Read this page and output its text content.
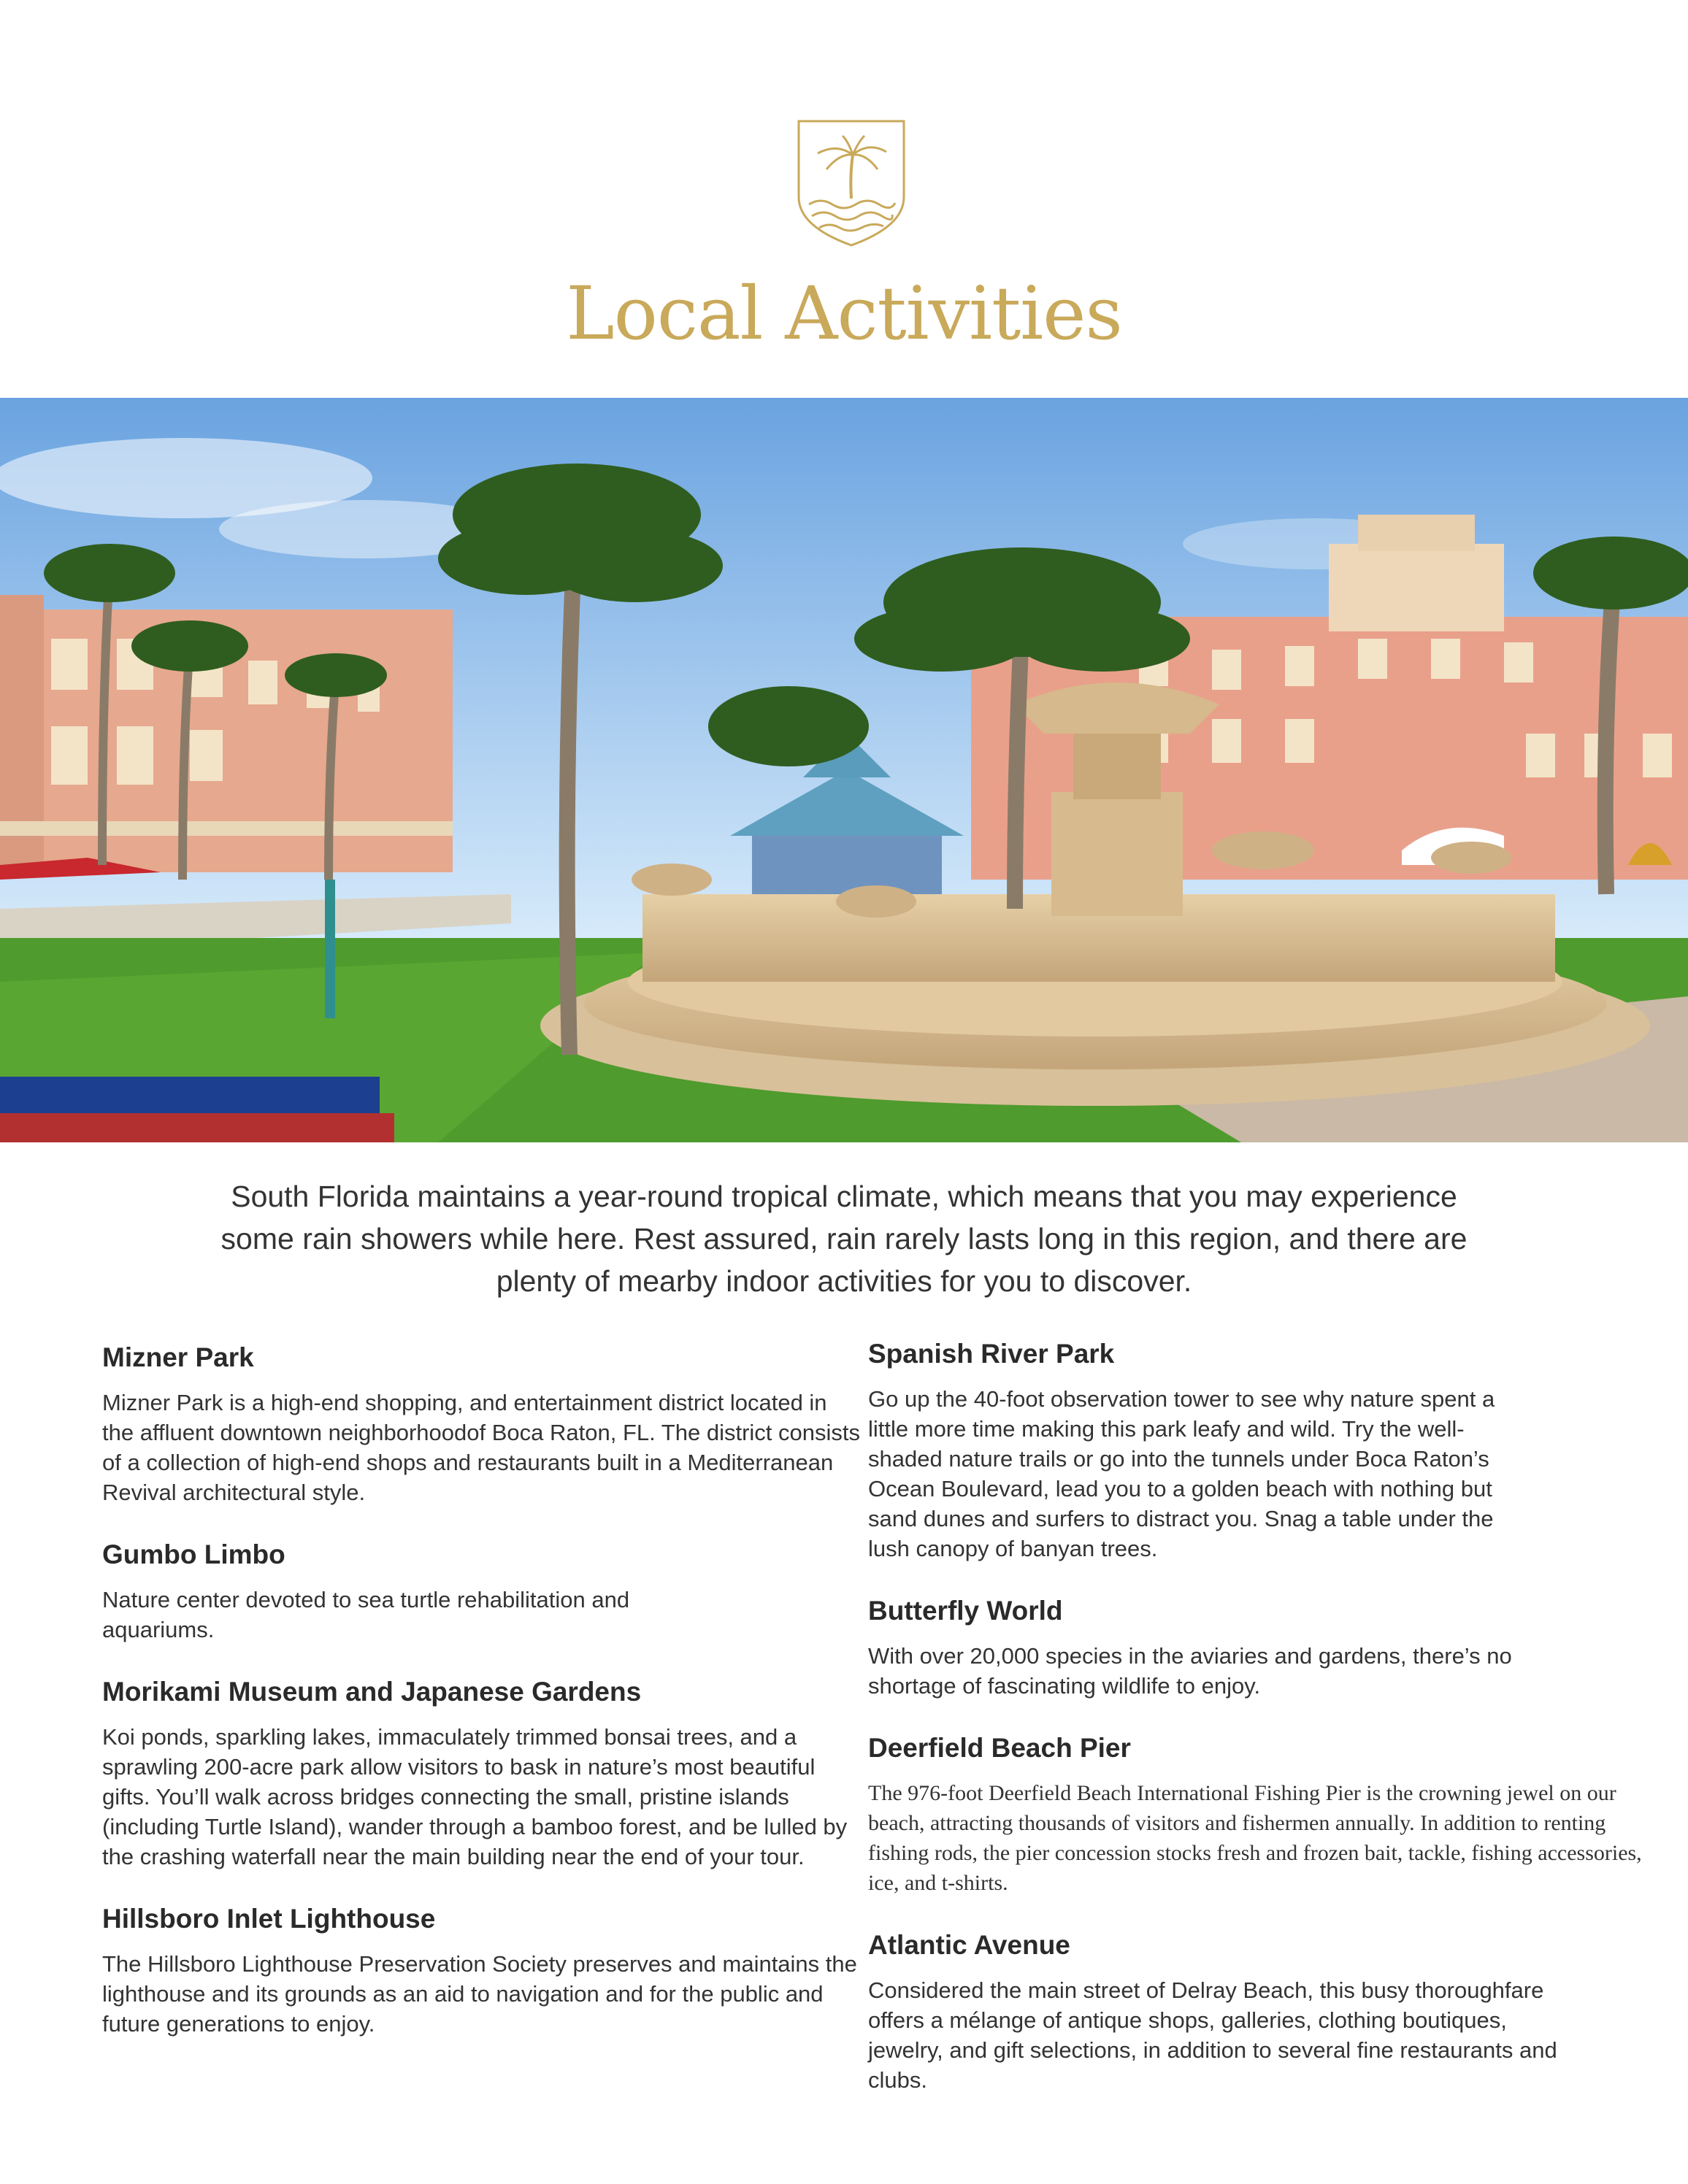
Local Activities
South Florida maintains a year-round tropical climate, which means that you may experience some rain showers while here. Rest assured, rain rarely lasts long in this region, and there are plenty of mearby indoor activities for you to discover.
Mizner Park

Mizner Park is a high-end shopping, and entertainment district located in the affluent downtown neighborhoodof Boca Raton, FL. The district consists of a collection of high-end shops and restaurants built in a Mediterranean Revival architectural style.

Gumbo Limbo

Nature center devoted to sea turtle rehabilitation and aquariums.

Morikami Museum and Japanese Gardens

Koi ponds, sparkling lakes, immaculately trimmed bonsai trees, and a sprawling 200-acre park allow visitors to bask in nature’s most beautiful gifts. You’ll walk across bridges connecting the small, pristine islands (including Turtle Island), wander through a bamboo forest, and be lulled by the crashing waterfall near the main building near the end of your tour.

Hillsboro Inlet Lighthouse

The Hillsboro Lighthouse Preservation Society preserves and maintains the lighthouse and its grounds as an aid to navigation and for the public and future generations to enjoy.

Spanish River Park

Go up the 40-foot observation tower to see why nature spent a little more time making this park leafy and wild. Try the well-shaded nature trails or go into the tunnels under Boca Raton’s Ocean Boulevard, lead you to a golden beach with nothing but sand dunes and surfers to distract you. Snag a table under the lush canopy of banyan trees.

Butterfly World

With over 20,000 species in the aviaries and gardens, there’s no shortage of fascinating wildlife to enjoy.

Deerfield Beach Pier

The 976-foot Deerfield Beach International Fishing Pier is the crowning jewel on our beach, attracting thousands of visitors and fishermen annually. In addition to renting fishing rods, the pier concession stocks fresh and frozen bait, tackle, fishing accessories, ice, and t-shirts.

Atlantic Avenue

Considered the main street of Delray Beach, this busy thoroughfare offers a mélange of antique shops, galleries, clothing boutiques, jewelry, and gift selections, in addition to several fine restaurants and clubs.
